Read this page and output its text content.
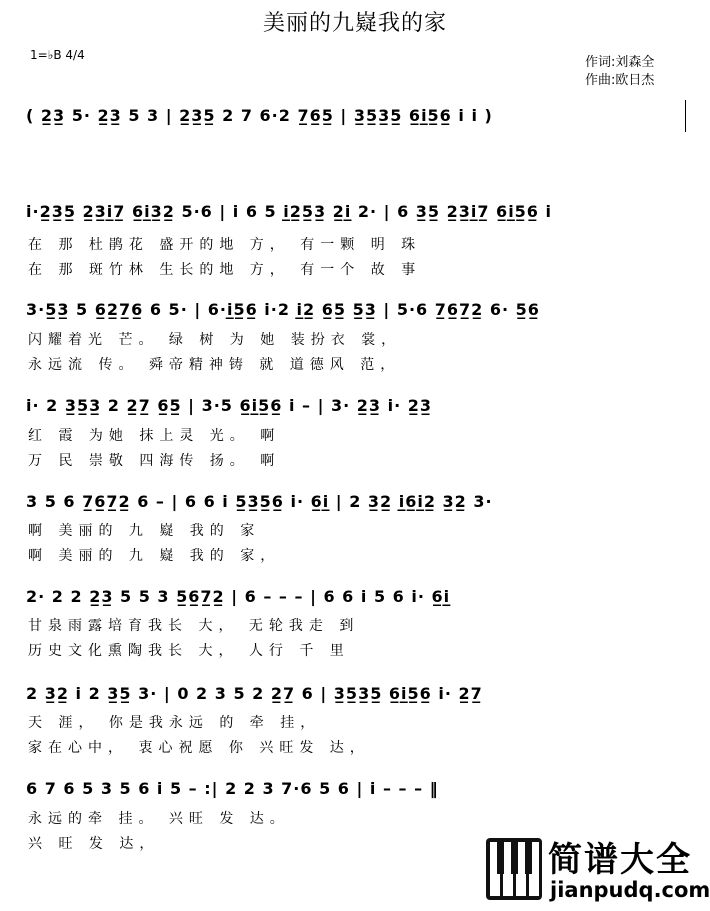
美丽的九嶷我的家
1=♭B 4/4	作词:刘森全
作曲:欧日杰
( 2̲3̲ 5· 2̲3̲ 5 3 | 2̲3̲5̲ 2 7 6·2 7̲6̲5̲ | 3̲5̲3̲5̲ 6̲i̲5̲6̲ i i )
i·2̲3̲5̲ 2̲3̲i̲7̲ 6̲i̲3̲2̲ 5·6 | i 6 5 i̲2̲5̲3̲ 2̲i̲ 2· | 6 3̲5̲ 2̲3̲i̲7̲ 6̲i̲5̲6̲ i
在 那 杜鹃花 盛开的地 方， 有一颗 明 珠
在 那 斑竹林 生长的地 方， 有一个 故 事
3·5̲3̲ 5 6̲2̲7̲6̲ 6 5· | 6·i̲5̲6̲ i·2 i̲2̲ 6̲5̲ 5̲3̲ | 5·6 7̲6̲7̲2̲ 6· 5̲6̲
闪耀着光 芒。 绿 树 为 她 装扮衣 裳，
永远流 传。 舜帝精神铸 就 道德风 范，
i· 2 3̲5̲3̲ 2 2̲7̲ 6̲5̲ | 3·5 6̲i̲5̲6̲ i – | 3· 2̲3̲ i· 2̲3̲
红 霞 为她 抹上灵 光。 啊
万 民 崇敬 四海传 扬。 啊
3 5 6 7̲6̲7̲2̲ 6 – | 6 6 i 5̲3̲5̲6̲ i· 6̲i̲ | 2 3̲2̲ i̲6̲i̲2̲ 3̲2̲ 3·
啊 美丽的 九 嶷 我的 家
啊 美丽的 九 嶷 我的 家，
2· 2 2 2̲3̲ 5 5 3 5̲6̲7̲2̲ | 6 – – – | 6 6 i 5 6 i· 6̲i̲
甘泉雨露培育我长 大， 无轮我走 到
历史文化熏陶我长 大， 人行 千 里
2 3̲2̲ i 2 3̲5̲ 3· | 0 2 3 5 2 2̲7̲ 6 | 3̲5̲3̲5̲ 6̲i̲5̲6̲ i· 2̲7̲
天 涯， 你是我永远 的 牵 挂，
家在心中， 衷心祝愿 你 兴旺发 达，
6 7 6 5 3 5 6 i 5 – :| 2 2 3 7·6 5 6 | i – – – ‖
永远的牵 挂。 兴旺 发 达。
兴 旺 发 达，	简谱大全
jianpudq.com
